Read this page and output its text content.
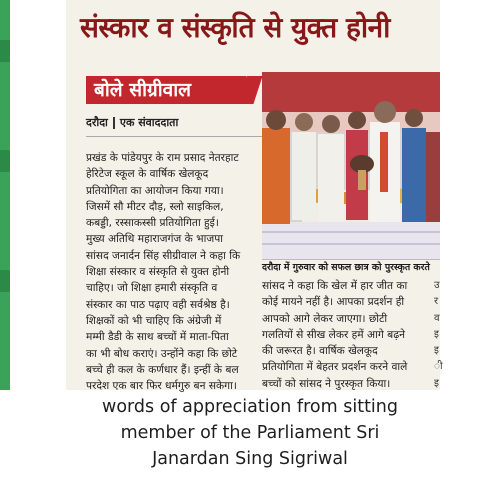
संस्कार व संस्कृति से युक्त होनी
बोले सीग्रीवाल
दरौदा एक संवाददाता

प्रखंड के पांडेयपुर के राम प्रसाद नेतरहाट

हेरिटेज स्कूल के वार्षिक खेलकूद

प्रतियोगिता का आयोजन किया गया।

जिसमें सौ मीटर दौड़, स्लो साइकिल,

कबड्डी, रस्साकस्सी प्रतियोगिता हुई।

मुख्य अतिथि महाराजगंज के भाजपा

सांसद जनार्दन सिंह सीग्रीवाल ने कहा कि

शिक्षा संस्कार व संस्कृति से युक्त होनी

चाहिए। जो शिक्षा हमारी संस्कृति व

संस्कार का पाठ पढ़ाए वही सर्वश्रेष्ठ है।

शिक्षकों को भी चाहिए कि अंग्रेजी में

मम्मी डैडी के साथ बच्चों में माता-पिता

का भी बोध कराएं। उन्होंने कहा कि छोटे

बच्चे ही कल के कर्णधार हैं। इन्हीं के बल

परदेश एक बार फिर धर्मगुरु बन सकेगा।

दरौदा में गुरुवार को सफल छात्र को पुरस्कृत करते

सांसद ने कहा कि खेल में हार जीत का

कोई मायने नहीं है। आपका प्रदर्शन ही

आपको आगे लेकर जाएगा। छोटी

गलतियों से सीख लेकर हमें आगे बढ़ने

की जरूरत है। वार्षिक खेलकूद

प्रतियोगिता में बेहतर प्रदर्शन करने वाले

बच्चों को सांसद ने पुरस्कृत किया।

उ
र
व
इ
इ
ी
इ
words of appreciation from sitting
member of the Parliament Sri
Janardan Sing Sigriwal
